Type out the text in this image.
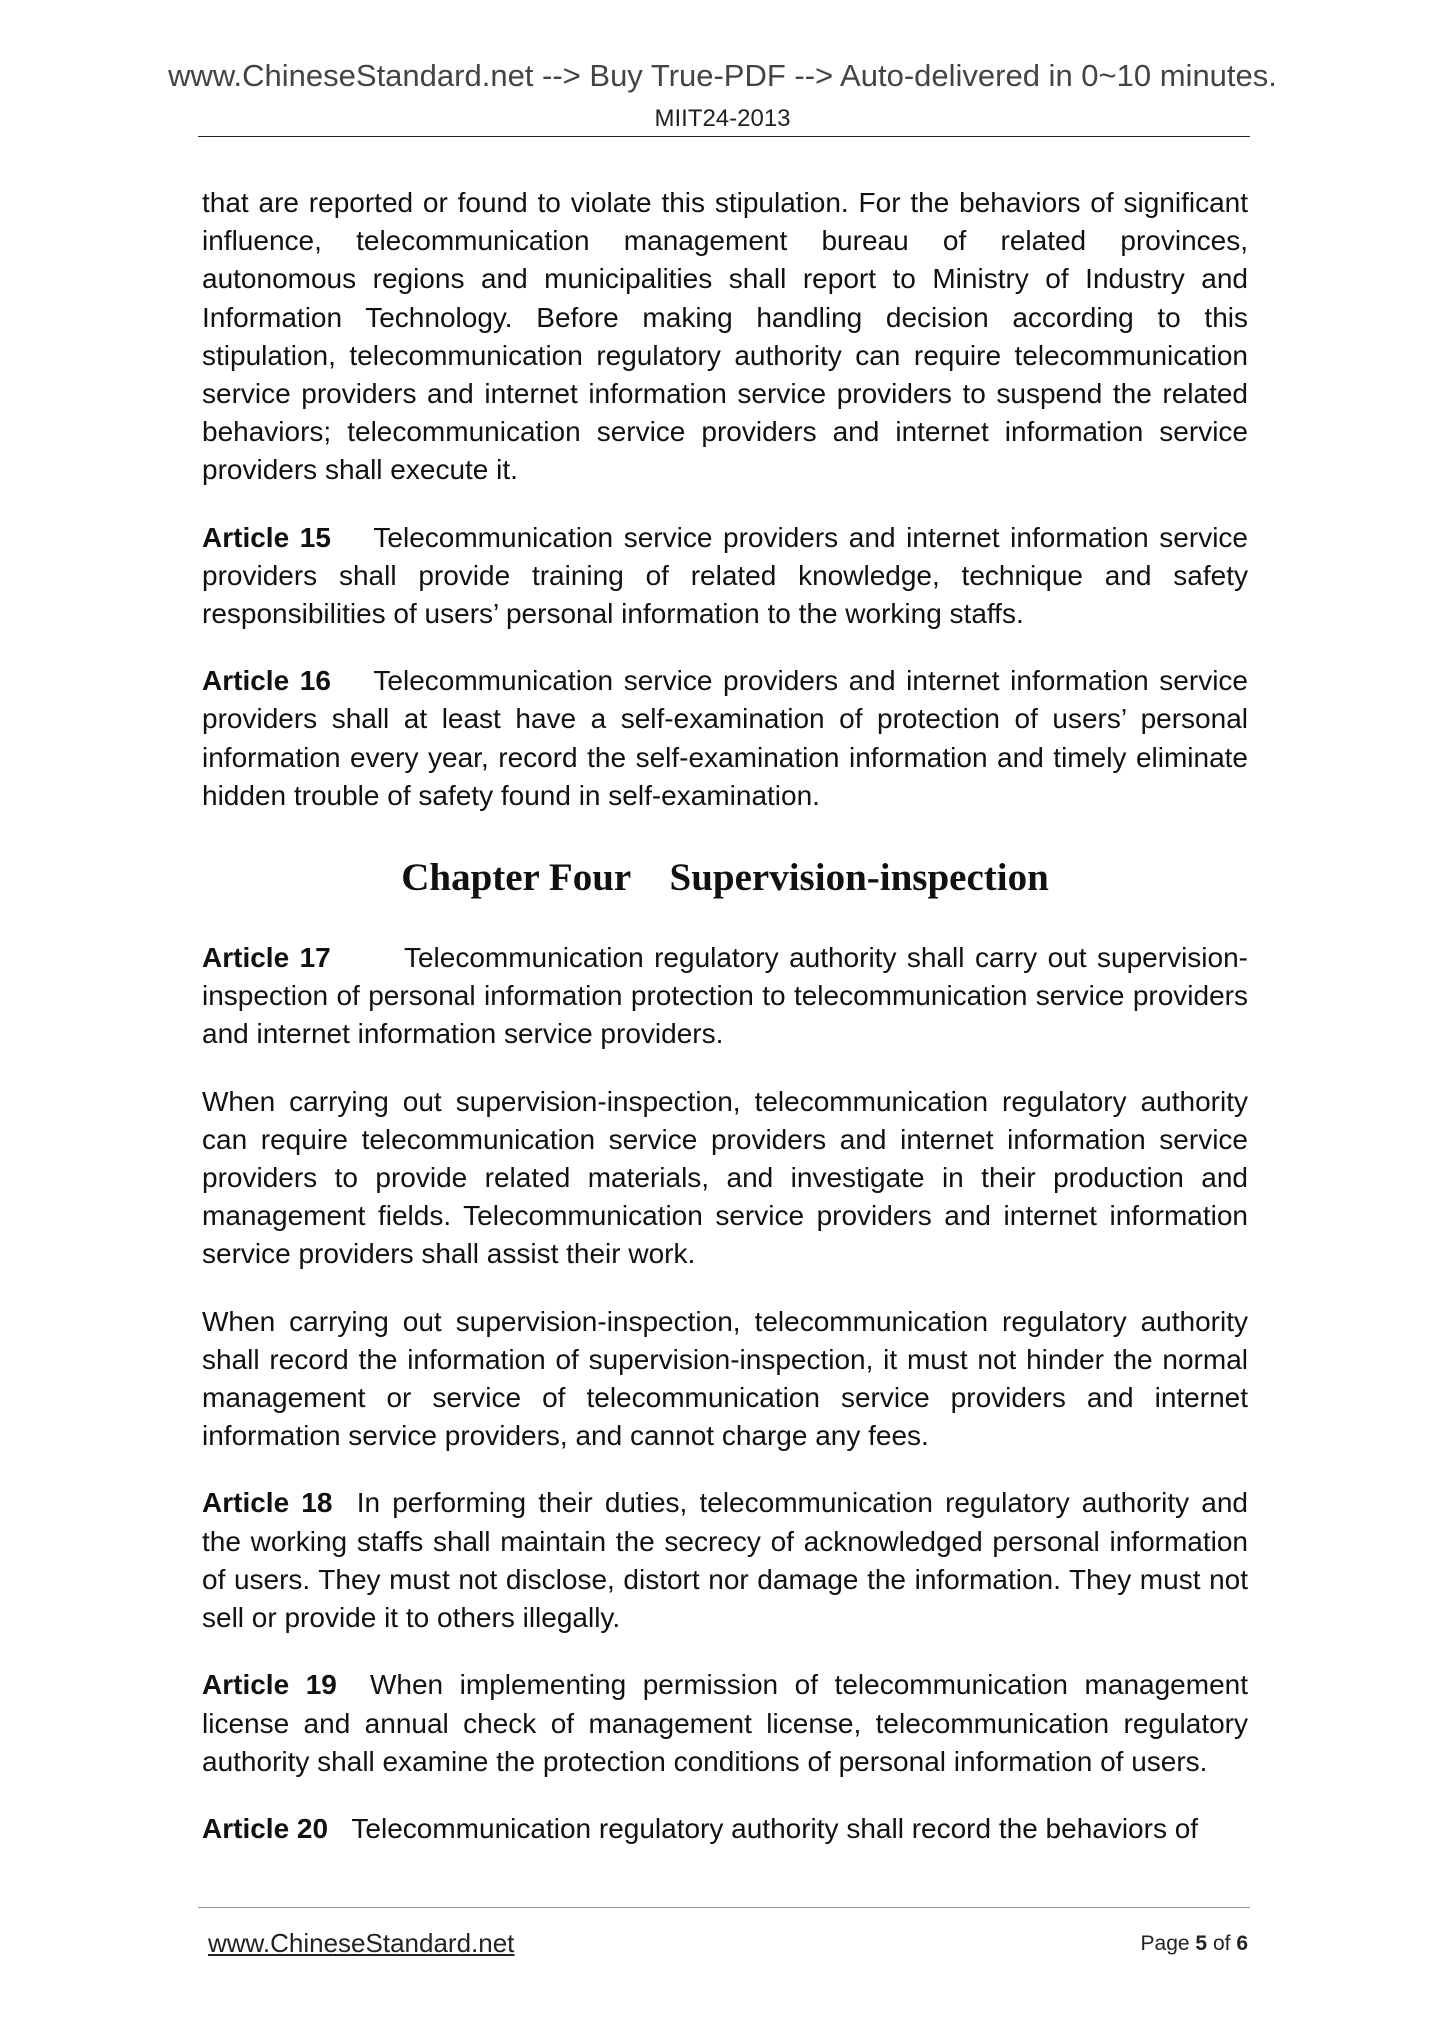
www.ChineseStandard.net --> Buy True-PDF --> Auto-delivered in 0~10 minutes.
MIIT24-2013

that are reported or found to violate this stipulation. For the behaviors of significant influence, telecommunication management bureau of related provinces, autonomous regions and municipalities shall report to Ministry of Industry and Information Technology. Before making handling decision according to this stipulation, telecommunication regulatory authority can require telecommunication service providers and internet information service providers to suspend the related behaviors; telecommunication service providers and internet information service providers shall execute it.

Article 15 Telecommunication service providers and internet information service providers shall provide training of related knowledge, technique and safety responsibilities of users’ personal information to the working staffs.

Article 16 Telecommunication service providers and internet information service providers shall at least have a self-examination of protection of users’ personal information every year, record the self-examination information and timely eliminate hidden trouble of safety found in self-examination.

Chapter Four    Supervision-inspection

Article 17	Telecommunication regulatory authority shall carry out supervision-inspection of personal information protection to telecommunication service providers and internet information service providers.

When carrying out supervision-inspection, telecommunication regulatory authority can require telecommunication service providers and internet information service providers to provide related materials, and investigate in their production and management fields. Telecommunication service providers and internet information service providers shall assist their work.

When carrying out supervision-inspection, telecommunication regulatory authority shall record the information of supervision-inspection, it must not hinder the normal management or service of telecommunication service providers and internet information service providers, and cannot charge any fees.

Article 18 In performing their duties, telecommunication regulatory authority and the working staffs shall maintain the secrecy of acknowledged personal information of users. They must not disclose, distort nor damage the information. They must not sell or provide it to others illegally.

Article 19 When implementing permission of telecommunication management license and annual check of management license, telecommunication regulatory authority shall examine the protection conditions of personal information of users.

Article 20 Telecommunication regulatory authority shall record the behaviors of

www.ChineseStandard.net	Page 5 of 6
